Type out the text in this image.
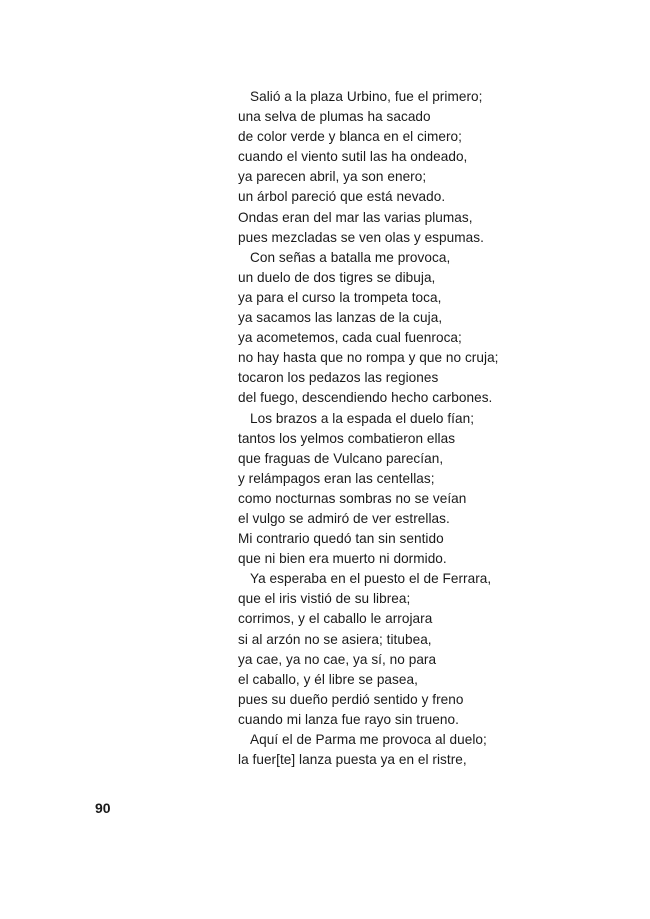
Salió a la plaza Urbino, fue el primero;
una selva de plumas ha sacado
de color verde y blanca en el cimero;
cuando el viento sutil las ha ondeado,
ya parecen abril, ya son enero;
un árbol pareció que está nevado.
Ondas eran del mar las varias plumas,
pues mezcladas se ven olas y espumas.
Con señas a batalla me provoca,
un duelo de dos tigres se dibuja,
ya para el curso la trompeta toca,
ya sacamos las lanzas de la cuja,
ya acometemos, cada cual fuenroca;
no hay hasta que no rompa y que no cruja;
tocaron los pedazos las regiones
del fuego, descendiendo hecho carbones.
Los brazos a la espada el duelo fían;
tantos los yelmos combatieron ellas
que fraguas de Vulcano parecían,
y relámpagos eran las centellas;
como nocturnas sombras no se veían
el vulgo se admiró de ver estrellas.
Mi contrario quedó tan sin sentido
que ni bien era muerto ni dormido.
Ya esperaba en el puesto el de Ferrara,
que el iris vistió de su librea;
corrimos, y el caballo le arrojara
si al arzón no se asiera; titubea,
ya cae, ya no cae, ya sí, no para
el caballo, y él libre se pasea,
pues su dueño perdió sentido y freno
cuando mi lanza fue rayo sin trueno.
Aquí el de Parma me provoca al duelo;
la fuer[te] lanza puesta ya en el ristre,
90
